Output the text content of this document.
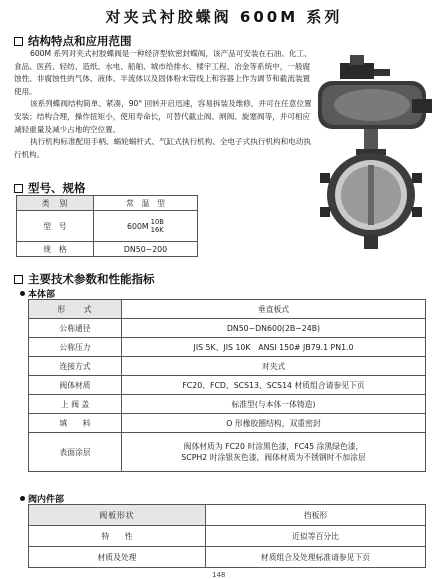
对夹式衬胶蝶阀 600M 系列
结构特点和应用范围

600M 系列对夹式衬胶蝶阀是一种经济型软密封蝶阀，该产品可安装在石油、化工、食品、医药、轻纺、造纸、水电、船舶、城市给排水、楼宇工程、冶金等系统中，一般腐蚀性、非腐蚀性的气体、液体、半流体以及固体粉末管线上和容器上作为调节和截流装置使用。

该系列蝶阀结构简单、紧凑，90° 回转开启迅速，容易拆装及维修，并可在任意位置安装；结构合理，操作扭矩小，使用寿命长，可替代截止阀、闸阀、旋塞阀等，并可相应减轻重量及减少占地的空位置。

执行机构标准配用手柄、蜗轮蜗杆式、气缸式执行机构、全电子式执行机构和电动执行机构。

型号、规格
类　别	常　温　型
型　号	600M 10B
16K

规　格	DN50~200
主要技术参数和性能指标
本体部
形　　式	垂直板式
公称通径	DN50~DN600(2B~24B)
公称压力	JIS 5K、JIS 10K　ANSI 150# JB79.1 PN1.0
连接方式	对夹式
阀体材质	FC20、FCD、SCS13、SCS14 材质组合请参见下页
上 阀 盖	标准型(与本体一体铸造)
填　　料	O 形橡胶圈结构，双重密封
表面涂层	阀体材质为 FC20 时涂黑色漆，FC45 涂黑绿色漆，
SCPH2 时涂银灰色漆，阀体材质为不锈钢时不加涂层
阀内件部
阀板形状	挡板形
特　　性	近似等百分比
材质及处理	材质组合及处理标准请参见下页
148
